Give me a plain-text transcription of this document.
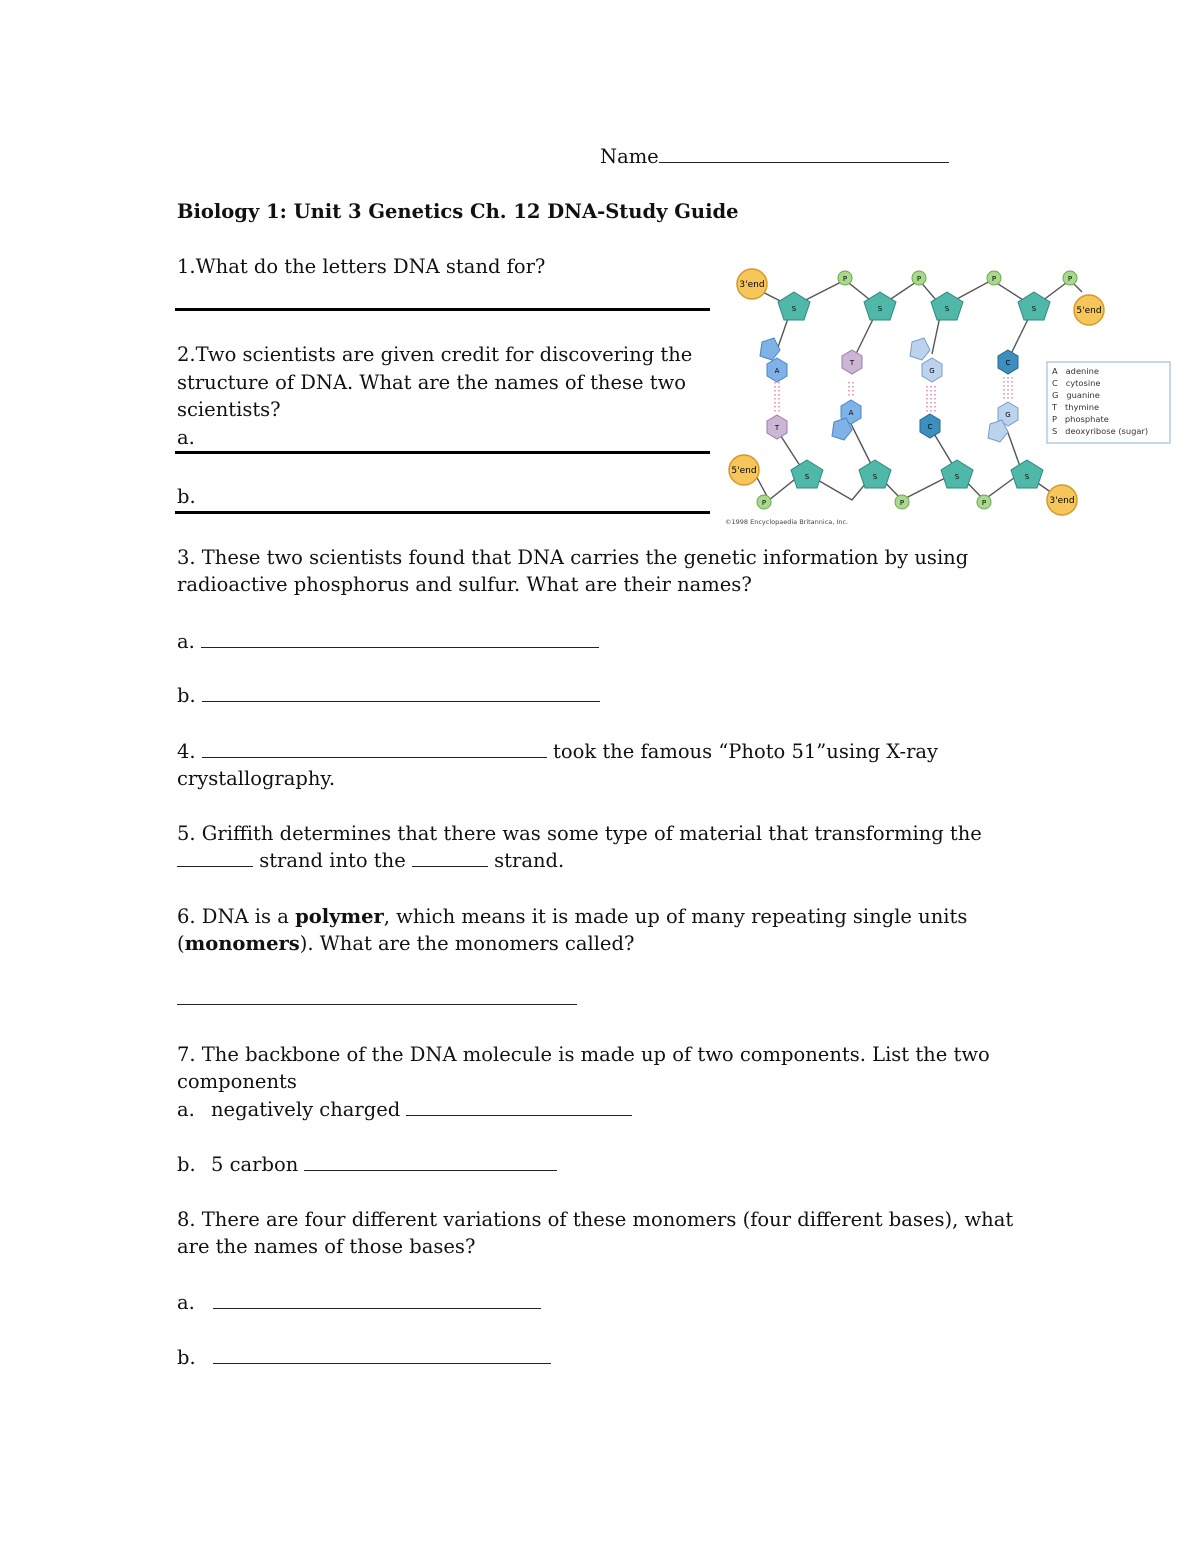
Name
Biology 1: Unit 3 Genetics Ch. 12 DNA-Study Guide
1.What do the letters DNA stand for?
2.Two scientists are given credit for discovering the
structure of DNA. What are the names of these two
scientists?
a.
b.
3'end
5'end
5'end
3'end
P	P	P	P
P	P	P
S	S	S	S
S	S	S	S
A
T
G
C
T
A
C
G
A   adenine
C   cytosine
G   guanine
T   thymine
P   phosphate
S   deoxyribose (sugar)
©1998 Encyclopaedia Britannica, Inc.
3. These two scientists found that DNA carries the genetic information by using
radioactive phosphorus and sulfur. What are their names?
a.
b.
4.	took the famous “Photo 51”using X-ray
crystallography.
5. Griffith determines that there was some type of material that transforming the
strand into the	strand.
6. DNA is a polymer, which means it is made up of many repeating single units
(monomers). What are the monomers called?
7. The backbone of the DNA molecule is made up of two components. List the two
components
a. negatively charged
b. 5 carbon
8. There are four different variations of these monomers (four different bases), what
are the names of those bases?
a.
b.
